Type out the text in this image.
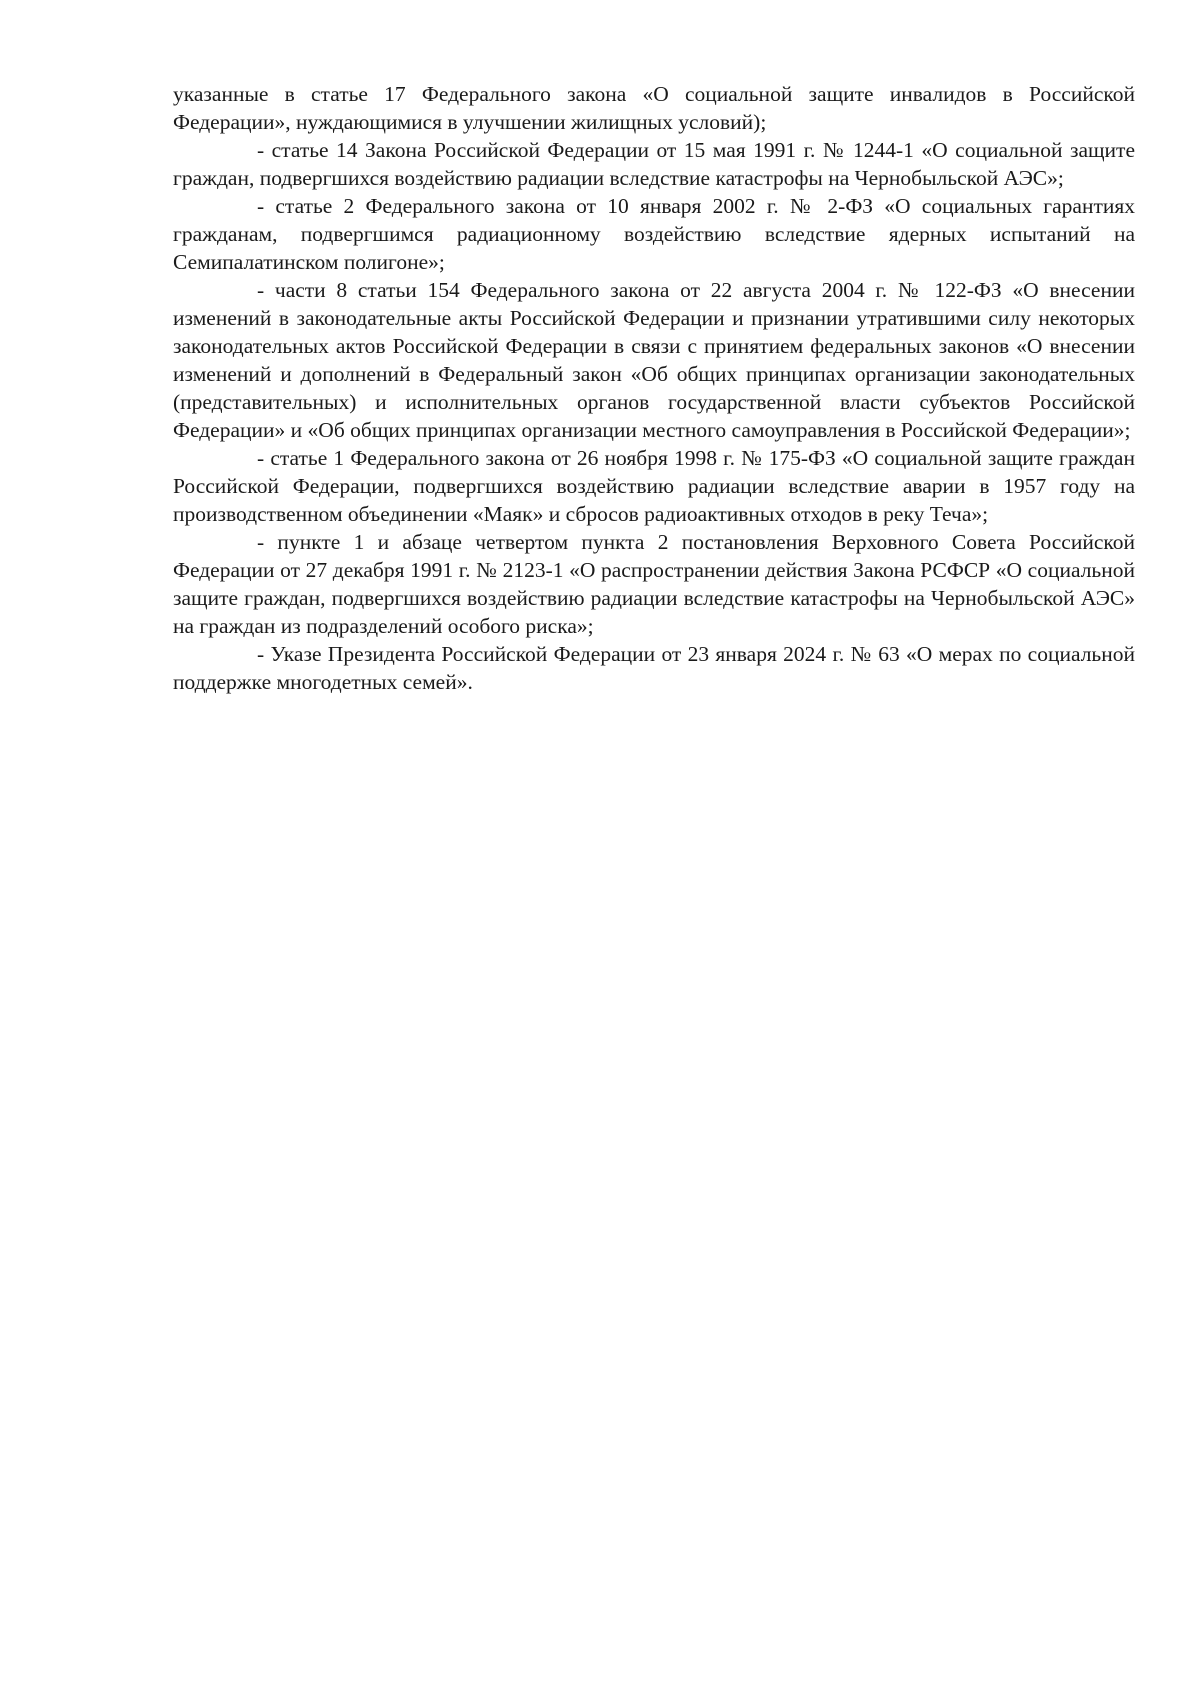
указанные в статье 17 Федерального закона «О социальной защите инвалидов в Российской Федерации», нуждающимися в улучшении жилищных условий);

- статье 14 Закона Российской Федерации от 15 мая 1991 г. № 1244-1 «О социальной защите граждан, подвергшихся воздействию радиации вследствие катастрофы на Чернобыльской АЭС»;

- статье 2 Федерального закона от 10 января 2002 г. № 2-ФЗ «О социальных гарантиях гражданам, подвергшимся радиационному воздействию вследствие ядерных испытаний на Семипалатинском полигоне»;

- части 8 статьи 154 Федерального закона от 22 августа 2004 г. № 122-ФЗ «О внесении изменений в законодательные акты Российской Федерации и признании утратившими силу некоторых законодательных актов Российской Федерации в связи с принятием федеральных законов «О внесении изменений и дополнений в Федеральный закон «Об общих принципах организации законодательных (представительных) и исполнительных органов государственной власти субъектов Российской Федерации» и «Об общих принципах организации местного самоуправления в Российской Федерации»;

- статье 1 Федерального закона от 26 ноября 1998 г. № 175-ФЗ «О социальной защите граждан Российской Федерации, подвергшихся воздействию радиации вследствие аварии в 1957 году на производственном объединении «Маяк» и сбросов радиоактивных отходов в реку Теча»;

- пункте 1 и абзаце четвертом пункта 2 постановления Верховного Совета Российской Федерации от 27 декабря 1991 г. № 2123-1 «О распространении действия Закона РСФСР «О социальной защите граждан, подвергшихся воздействию радиации вследствие катастрофы на Чернобыльской АЭС» на граждан из подразделений особого риска»;

- Указе Президента Российской Федерации от 23 января 2024 г. № 63 «О мерах по социальной поддержке многодетных семей».
